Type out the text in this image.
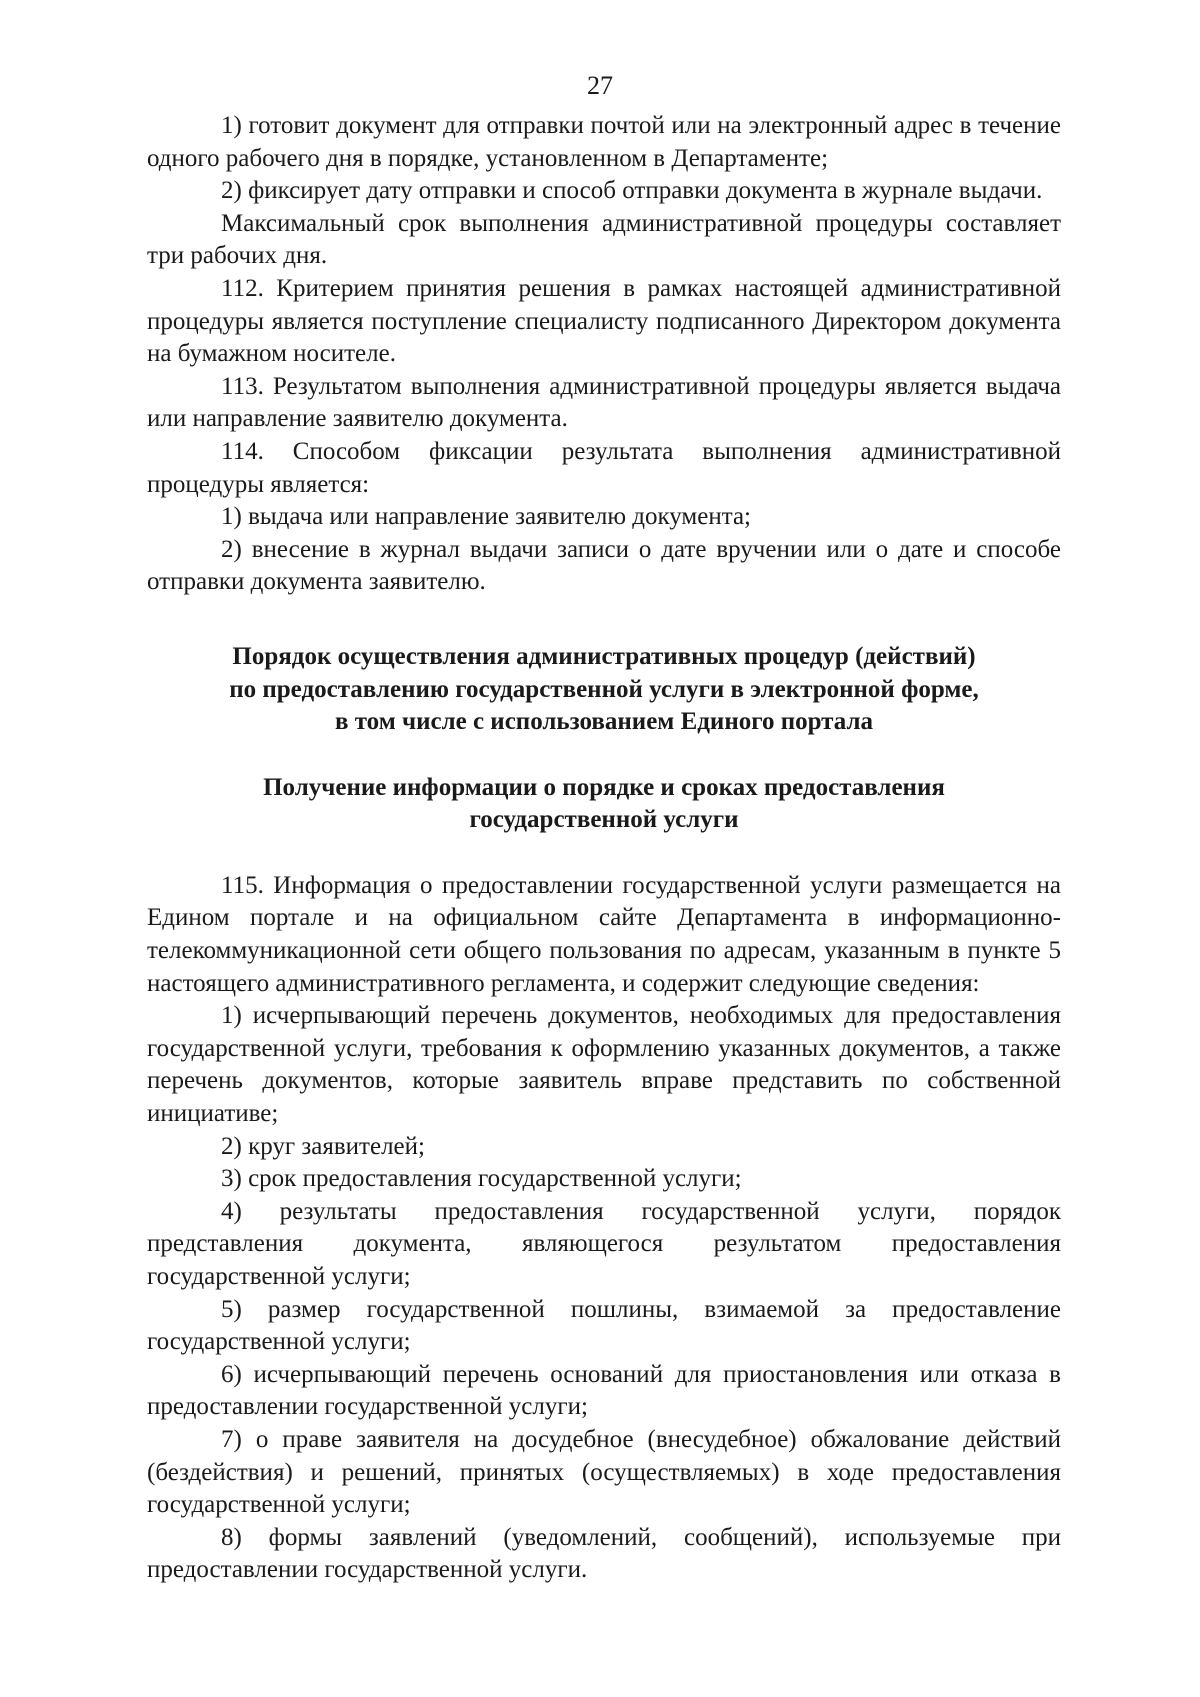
27

1) готовит документ для отправки почтой или на электронный адрес в течение одного рабочего дня в порядке, установленном в Департаменте;

2) фиксирует дату отправки и способ отправки документа в журнале выдачи.

Максимальный срок выполнения административной процедуры составляет три рабочих дня.

112. Критерием принятия решения в рамках настоящей административной процедуры является поступление специалисту подписанного Директором документа на бумажном носителе.

113. Результатом выполнения административной процедуры является выдача или направление заявителю документа.

114. Способом фиксации результата выполнения административной процедуры является:

1) выдача или направление заявителю документа;

2) внесение в журнал выдачи записи о дате вручении или о дате и способе отправки документа заявителю.

Порядок осуществления административных процедур (действий)
по предоставлению государственной услуги в электронной форме,
в том числе с использованием Единого портала

Получение информации о порядке и сроках предоставления
государственной услуги

115. Информация о предоставлении государственной услуги размещается на Едином портале и на официальном сайте Департамента в информационно-телекоммуникационной сети общего пользования по адресам, указанным в пункте 5 настоящего административного регламента, и содержит следующие сведения:

1) исчерпывающий перечень документов, необходимых для предоставления государственной услуги, требования к оформлению указанных документов, а также перечень документов, которые заявитель вправе представить по собственной инициативе;

2) круг заявителей;

3) срок предоставления государственной услуги;

4) результаты предоставления государственной услуги, порядок представления документа, являющегося результатом предоставления государственной услуги;

5) размер государственной пошлины, взимаемой за предоставление государственной услуги;

6) исчерпывающий перечень оснований для приостановления или отказа в предоставлении государственной услуги;

7) о праве заявителя на досудебное (внесудебное) обжалование действий (бездействия) и решений, принятых (осуществляемых) в ходе предоставления государственной услуги;

8) формы заявлений (уведомлений, сообщений), используемые при предоставлении государственной услуги.
